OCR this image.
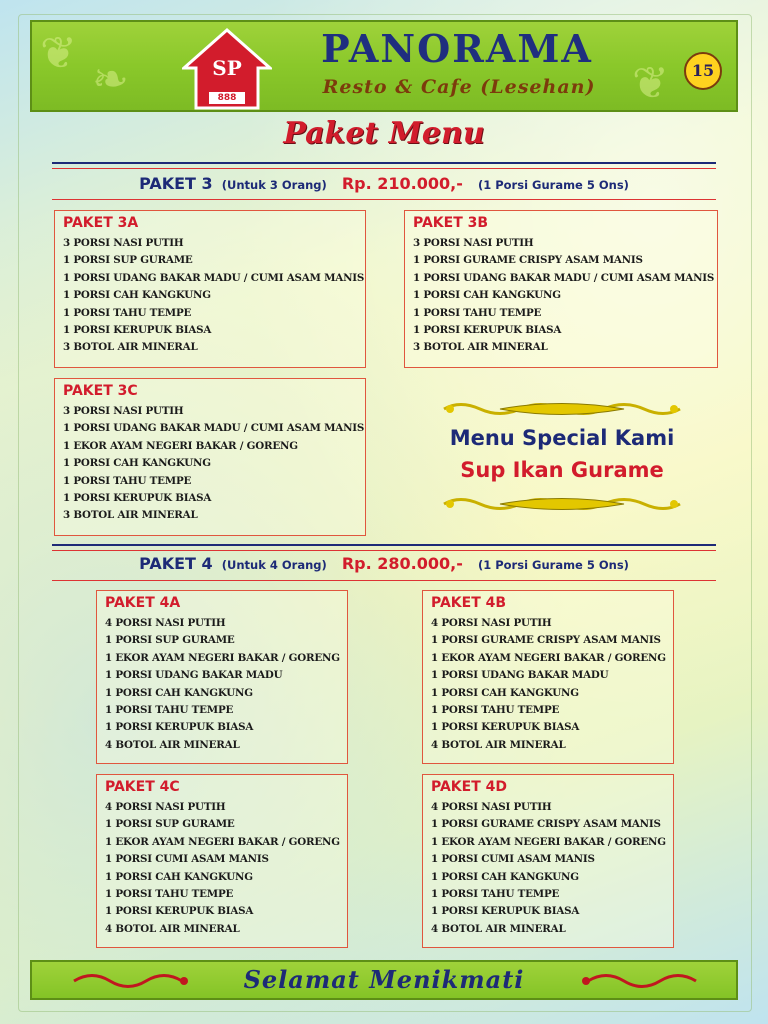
❦
❧	❦
SP
888
PANORAMA
Resto & Cafe (Lesehan)
15
Paket Menu
PAKET 3 (Untuk 3 Orang) Rp. 210.000,- (1 Porsi Gurame 5 Ons)
PAKET 3A
3 PORSI NASI PUTIH
1 PORSI SUP GURAME
1 PORSI UDANG BAKAR MADU / CUMI ASAM MANIS
1 PORSI CAH KANGKUNG
1 PORSI TAHU TEMPE
1 PORSI KERUPUK BIASA
3 BOTOL AIR MINERAL
PAKET 3B
3 PORSI NASI PUTIH
1 PORSI GURAME CRISPY ASAM MANIS
1 PORSI UDANG BAKAR MADU / CUMI ASAM MANIS
1 PORSI CAH KANGKUNG
1 PORSI TAHU TEMPE
1 PORSI KERUPUK BIASA
3 BOTOL AIR MINERAL
PAKET 3C
3 PORSI NASI PUTIH
1 PORSI UDANG BAKAR MADU / CUMI ASAM MANIS
1 EKOR AYAM NEGERI BAKAR / GORENG
1 PORSI CAH KANGKUNG
1 PORSI TAHU TEMPE
1 PORSI KERUPUK BIASA
3 BOTOL AIR MINERAL
Menu Special Kami
Sup Ikan Gurame
PAKET 4 (Untuk 4 Orang) Rp. 280.000,- (1 Porsi Gurame 5 Ons)
PAKET 4A
4 PORSI NASI PUTIH
1 PORSI SUP GURAME
1 EKOR AYAM NEGERI BAKAR / GORENG
1 PORSI UDANG BAKAR MADU
1 PORSI CAH KANGKUNG
1 PORSI TAHU TEMPE
1 PORSI KERUPUK BIASA
4 BOTOL AIR MINERAL
PAKET 4B
4 PORSI NASI PUTIH
1 PORSI GURAME CRISPY ASAM MANIS
1 EKOR AYAM NEGERI BAKAR / GORENG
1 PORSI UDANG BAKAR MADU
1 PORSI CAH KANGKUNG
1 PORSI TAHU TEMPE
1 PORSI KERUPUK BIASA
4 BOTOL AIR MINERAL
PAKET 4C
4 PORSI NASI PUTIH
1 PORSI SUP GURAME
1 EKOR AYAM NEGERI BAKAR / GORENG
1 PORSI CUMI ASAM MANIS
1 PORSI CAH KANGKUNG
1 PORSI TAHU TEMPE
1 PORSI KERUPUK BIASA
4 BOTOL AIR MINERAL
PAKET 4D
4 PORSI NASI PUTIH
1 PORSI GURAME CRISPY ASAM MANIS
1 EKOR AYAM NEGERI BAKAR / GORENG
1 PORSI CUMI ASAM MANIS
1 PORSI CAH KANGKUNG
1 PORSI TAHU TEMPE
1 PORSI KERUPUK BIASA
4 BOTOL AIR MINERAL
Selamat Menikmati
